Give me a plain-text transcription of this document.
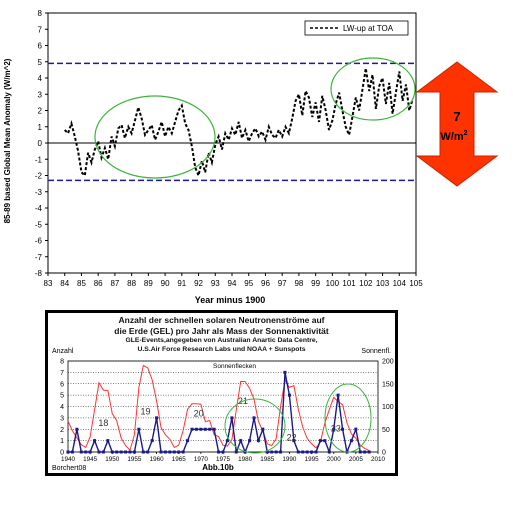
85-89 based Global Mean Anomaly (W/m^2)
-8
-7
-6
-5
-4
-3
-2
-1
0
1
2
3
4
5
6
7
8
83 84 85 86 87 88 89 90 91 92 93 94 95 96 97 98 99 100 101 102 103 104 105
Year minus 1900
LW-up at TOA
7
$W/m^2$
Anzahl der schnellen solaren Neutronenströme auf
die Erde (GEL) pro Jahr als Mass der Sonnenaktivität
GLE-Events,angegeben von Australian Anartic Data Centre,
U.S.Air Force Research Labs und NOAA + Sunspots
Anzahl	Sonnenfl.
0
1
2
3
4
5
6
7
8
0
50
100
150
200
1940 1945 1950 1955 1960 1965 1970 1975 1980 1985 1990 1995 2000 2005 2010
Sonnenflecken
18
19	20
21
22
23
Borchert08	Abb.10b
